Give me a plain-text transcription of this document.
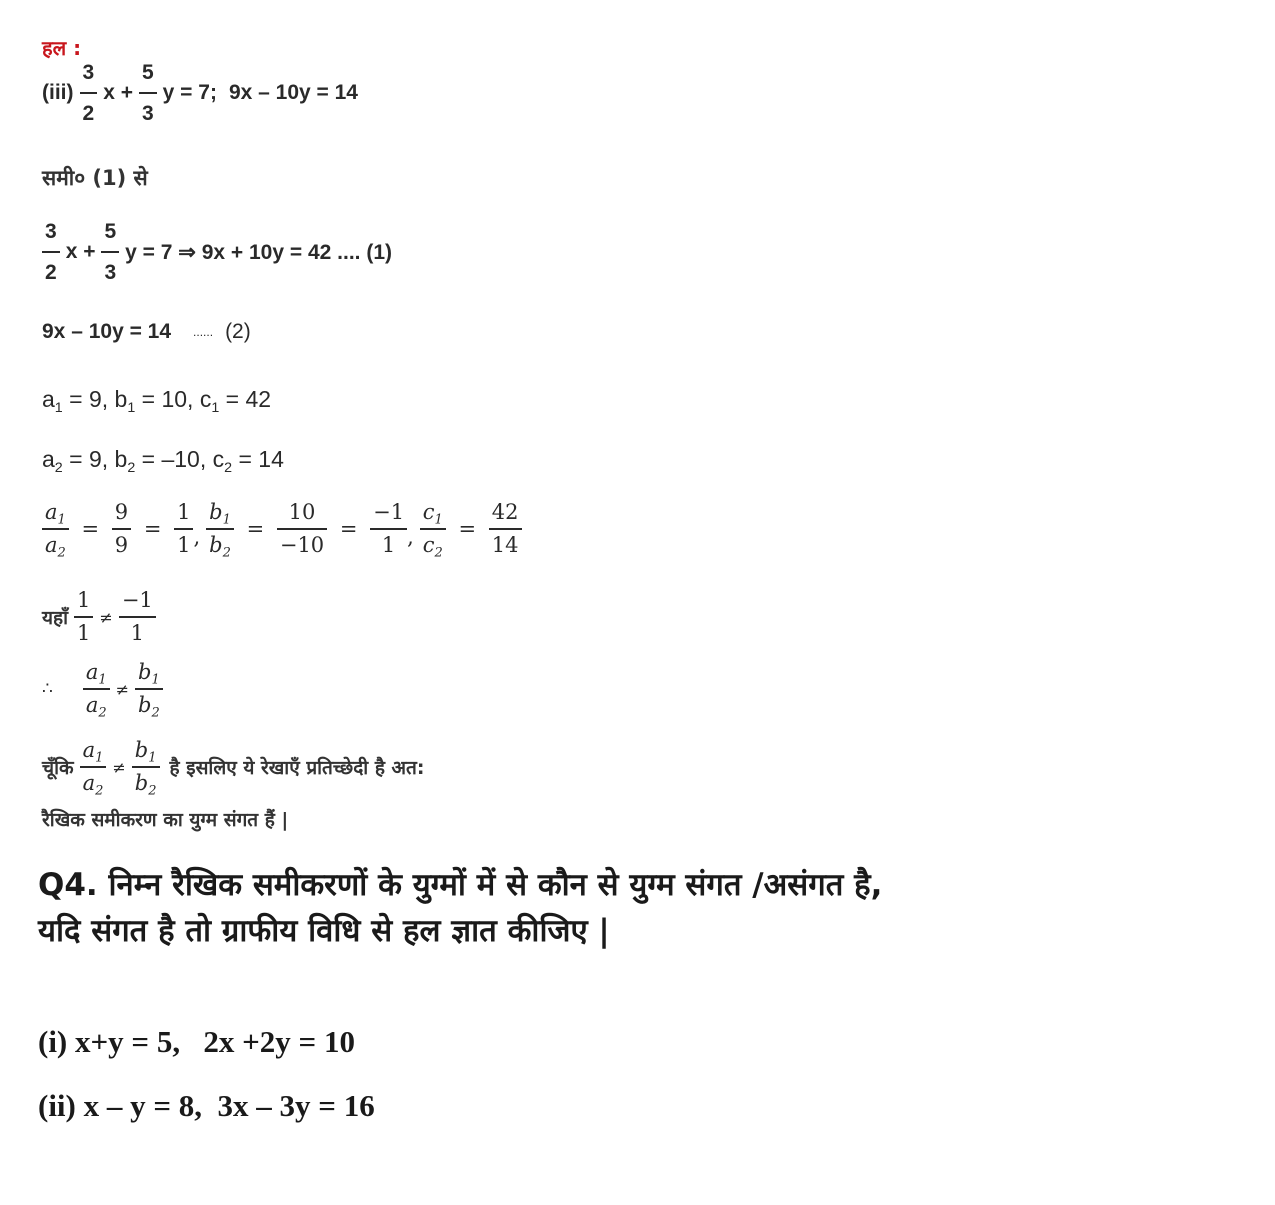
हल :
$(iii) \frac{3}{2}$ $x + \frac{5}{3}$ y = 7; 9x – 10y = 14
समी० (1) से
$\frac{3}{2}$ $x + \frac{5}{3}$ y = 7 ⇒ 9x + 10y = 42 .... (1)
9x – 10y = 14 ...... (2)
$a_1$
= 9,
$b_1$
= 10,
$c_1$
= 42
$a_2$
= 9,
$b_2$
= –10,
$c_2$
= 14
$\frac{a_1}{a_2} = \frac{9}{9} = \frac{1}{1}$ , $\frac{b_1}{b_2} = \frac{10}{-10} = \frac{-1}{1}$ , $\frac{c_1}{c_2} = \frac{42}{14}$
यहाँ $\frac{1}{1} \ne \frac{-1}{1}$
∴ $\frac{a_1}{a_2} \ne \frac{b_1}{b_2}$
चूँकि $\frac{a_1}{a_2} \ne \frac{b_1}{b_2}$ है इसलिए ये रेखाएँ प्रतिच्छेदी है अत:
रैखिक समीकरण का युग्म संगत हैं |
Q4. निम्न रैखिक समीकरणों के युग्मों में से कौन से युग्म संगत /असंगत है, यदि संगत है तो ग्राफीय विधि से हल ज्ञात कीजिए |
(i) x+y = 5, 2x +2y = 10
(ii) x – y = 8, 3x – 3y = 16
